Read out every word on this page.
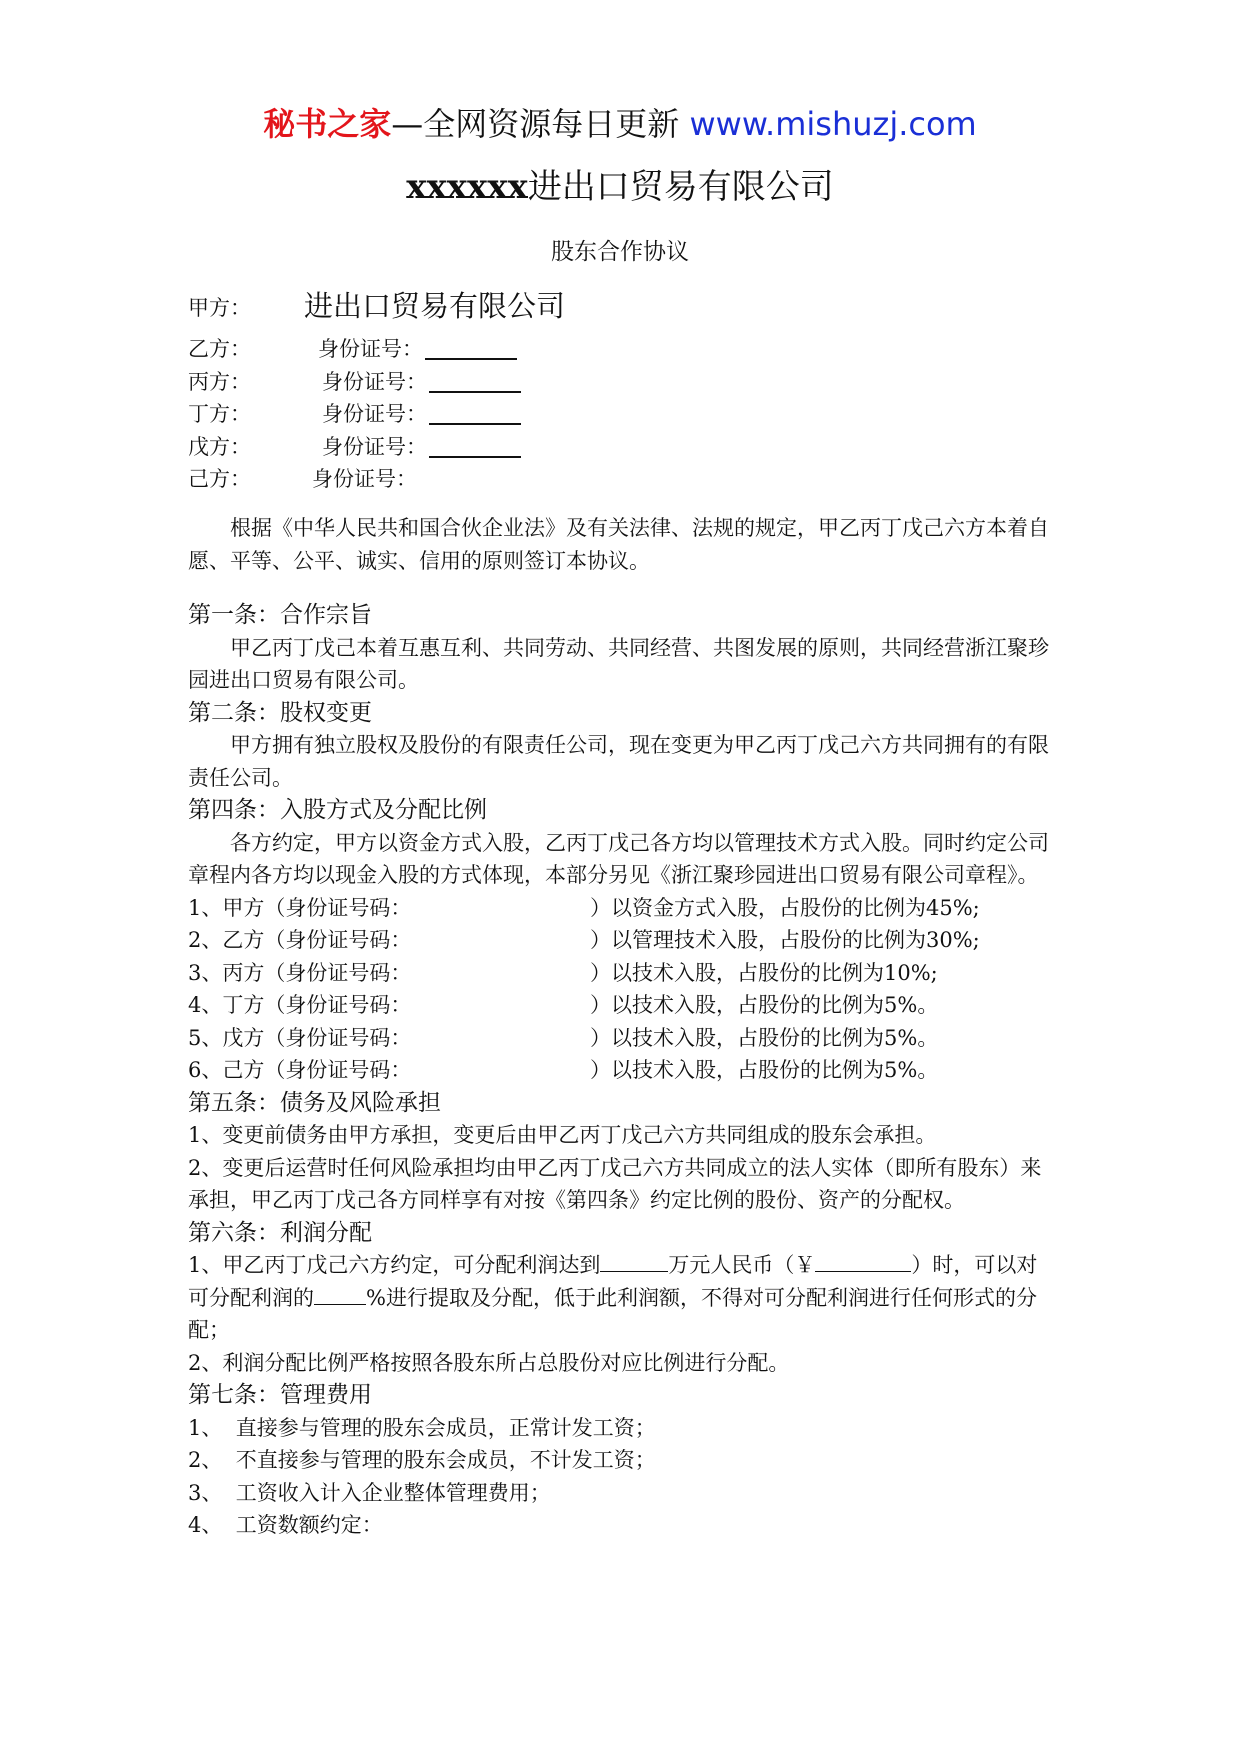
秘书之家—全网资源每日更新 www.mishuzj.com
xxxxxx进出口贸易有限公司
股东合作协议
甲方：	进出口贸易有限公司
乙方：	身份证号：
丙方：	身份证号：
丁方：	身份证号：
戊方：	身份证号：
己方：	身份证号：

根据《中华人民共和国合伙企业法》及有关法律、法规的规定，甲乙丙丁戊己六方本着自愿、平等、公平、诚实、信用的原则签订本协议。

第一条：合作宗旨

甲乙丙丁戊己本着互惠互利、共同劳动、共同经营、共图发展的原则，共同经营浙江聚珍园进出口贸易有限公司。

第二条：股权变更

甲方拥有独立股权及股份的有限责任公司，现在变更为甲乙丙丁戊己六方共同拥有的有限责任公司。

第四条：入股方式及分配比例

各方约定，甲方以资金方式入股，乙丙丁戊己各方均以管理技术方式入股。同时约定公司章程内各方均以现金入股的方式体现，本部分另见《浙江聚珍园进出口贸易有限公司章程》。

1、甲方（身份证号码：	）以资金方式入股，占股份的比例为45%;
2、乙方（身份证号码：	）以管理技术入股，占股份的比例为30%;
3、丙方（身份证号码：	）以技术入股，占股份的比例为10%;
4、丁方（身份证号码：	）以技术入股，占股份的比例为5%。
5、戊方（身份证号码：	）以技术入股，占股份的比例为5%。
6、己方（身份证号码：	）以技术入股，占股份的比例为5%。

第五条：债务及风险承担

1、变更前债务由甲方承担，变更后由甲乙丙丁戊己六方共同组成的股东会承担。

2、变更后运营时任何风险承担均由甲乙丙丁戊己六方共同成立的法人实体（即所有股东）来承担，甲乙丙丁戊己各方同样享有对按《第四条》约定比例的股份、资产的分配权。

第六条：利润分配

1、甲乙丙丁戊己六方约定，可分配利润达到	万元人民币（￥	）时，可以对可分配利润的 %进行提取及分配，低于此利润额，不得对可分配利润进行任何形式的分配；

2、利润分配比例严格按照各股东所占总股份对应比例进行分配。

第七条：管理费用

1、  直接参与管理的股东会成员，正常计发工资；

2、  不直接参与管理的股东会成员，不计发工资；

3、  工资收入计入企业整体管理费用；

4、  工资数额约定：
